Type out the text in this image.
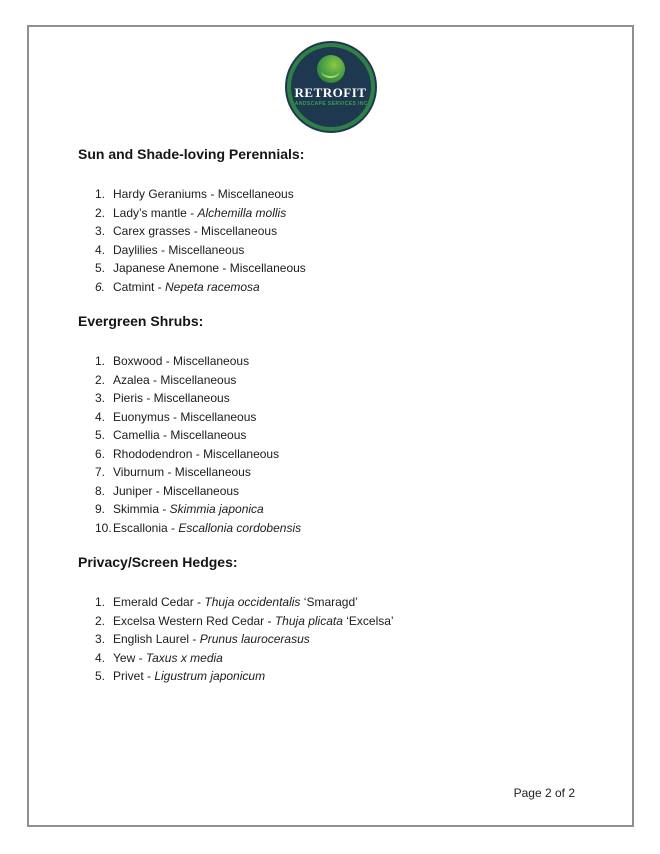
RETROFIT
LANDSCAPE SERVICES INC.
Sun and Shade-loving Perennials:
1. Hardy Geraniums - Miscellaneous
2. Lady’s mantle - Alchemilla mollis
3. Carex grasses - Miscellaneous
4. Daylilies - Miscellaneous
5. Japanese Anemone - Miscellaneous
6. Catmint - Nepeta racemosa
Evergreen Shrubs:
1. Boxwood - Miscellaneous
2. Azalea - Miscellaneous
3. Pieris - Miscellaneous
4. Euonymus - Miscellaneous
5. Camellia - Miscellaneous
6. Rhododendron - Miscellaneous
7. Viburnum - Miscellaneous
8. Juniper - Miscellaneous
9. Skimmia - Skimmia japonica
10. Escallonia - Escallonia cordobensis
Privacy/Screen Hedges:
1. Emerald Cedar - Thuja occidentalis ‘Smaragd’
2. Excelsa Western Red Cedar - Thuja plicata ‘Excelsa’
3. English Laurel - Prunus laurocerasus
4. Yew - Taxus x media
5. Privet - Ligustrum japonicum
Page 2 of 2
